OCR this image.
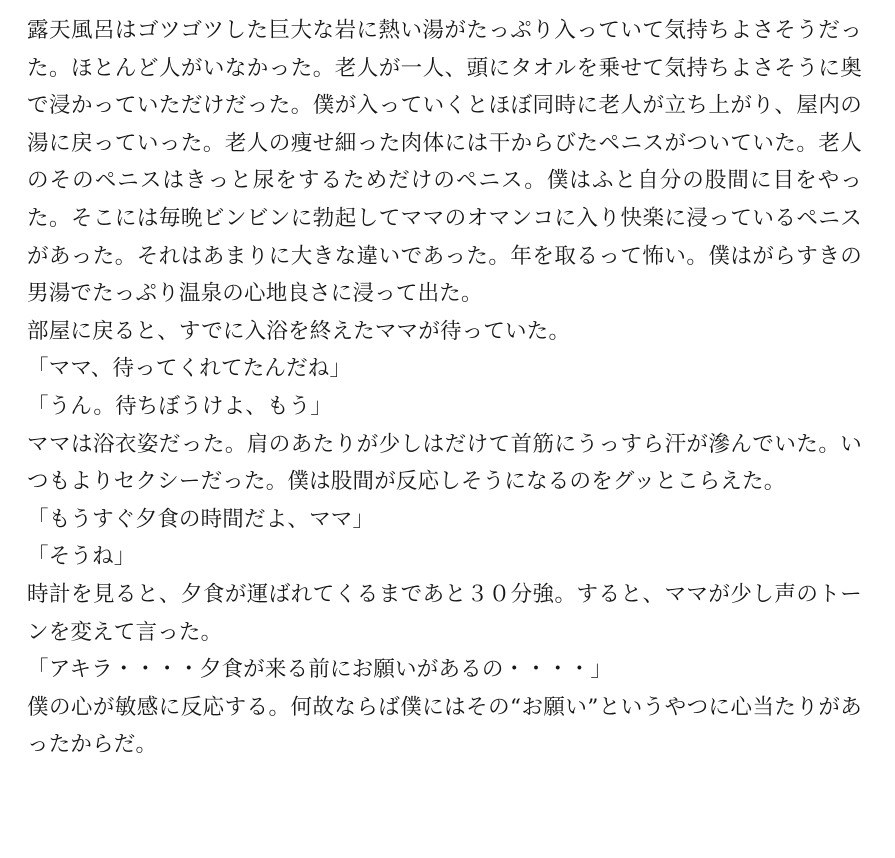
露天風呂はゴツゴツした巨大な岩に熱い湯がたっぷり入っていて気持ちよさそうだった。ほとんど人がいなかった。老人が一人、頭にタオルを乗せて気持ちよさそうに奥で浸かっていただけだった。僕が入っていくとほぼ同時に老人が立ち上がり、屋内の湯に戻っていった。老人の痩せ細った肉体には干からびたペニスがついていた。老人のそのペニスはきっと尿をするためだけのペニス。僕はふと自分の股間に目をやった。そこには毎晩ビンビンに勃起してママのオマンコに入り快楽に浸っているペニスがあった。それはあまりに大きな違いであった。年を取るって怖い。僕はがらすきの男湯でたっぷり温泉の心地良さに浸って出た。

部屋に戻ると、すでに入浴を終えたママが待っていた。

「ママ、待ってくれてたんだね」

「うん。待ちぼうけよ、もう」

ママは浴衣姿だった。肩のあたりが少しはだけて首筋にうっすら汗が滲んでいた。いつもよりセクシーだった。僕は股間が反応しそうになるのをグッとこらえた。

「もうすぐ夕食の時間だよ、ママ」

「そうね」

時計を見ると、夕食が運ばれてくるまであと３０分強。すると、ママが少し声のトーンを変えて言った。

「アキラ・・・・夕食が来る前にお願いがあるの・・・・」

僕の心が敏感に反応する。何故ならば僕にはその“お願い”というやつに心当たりがあったからだ。
